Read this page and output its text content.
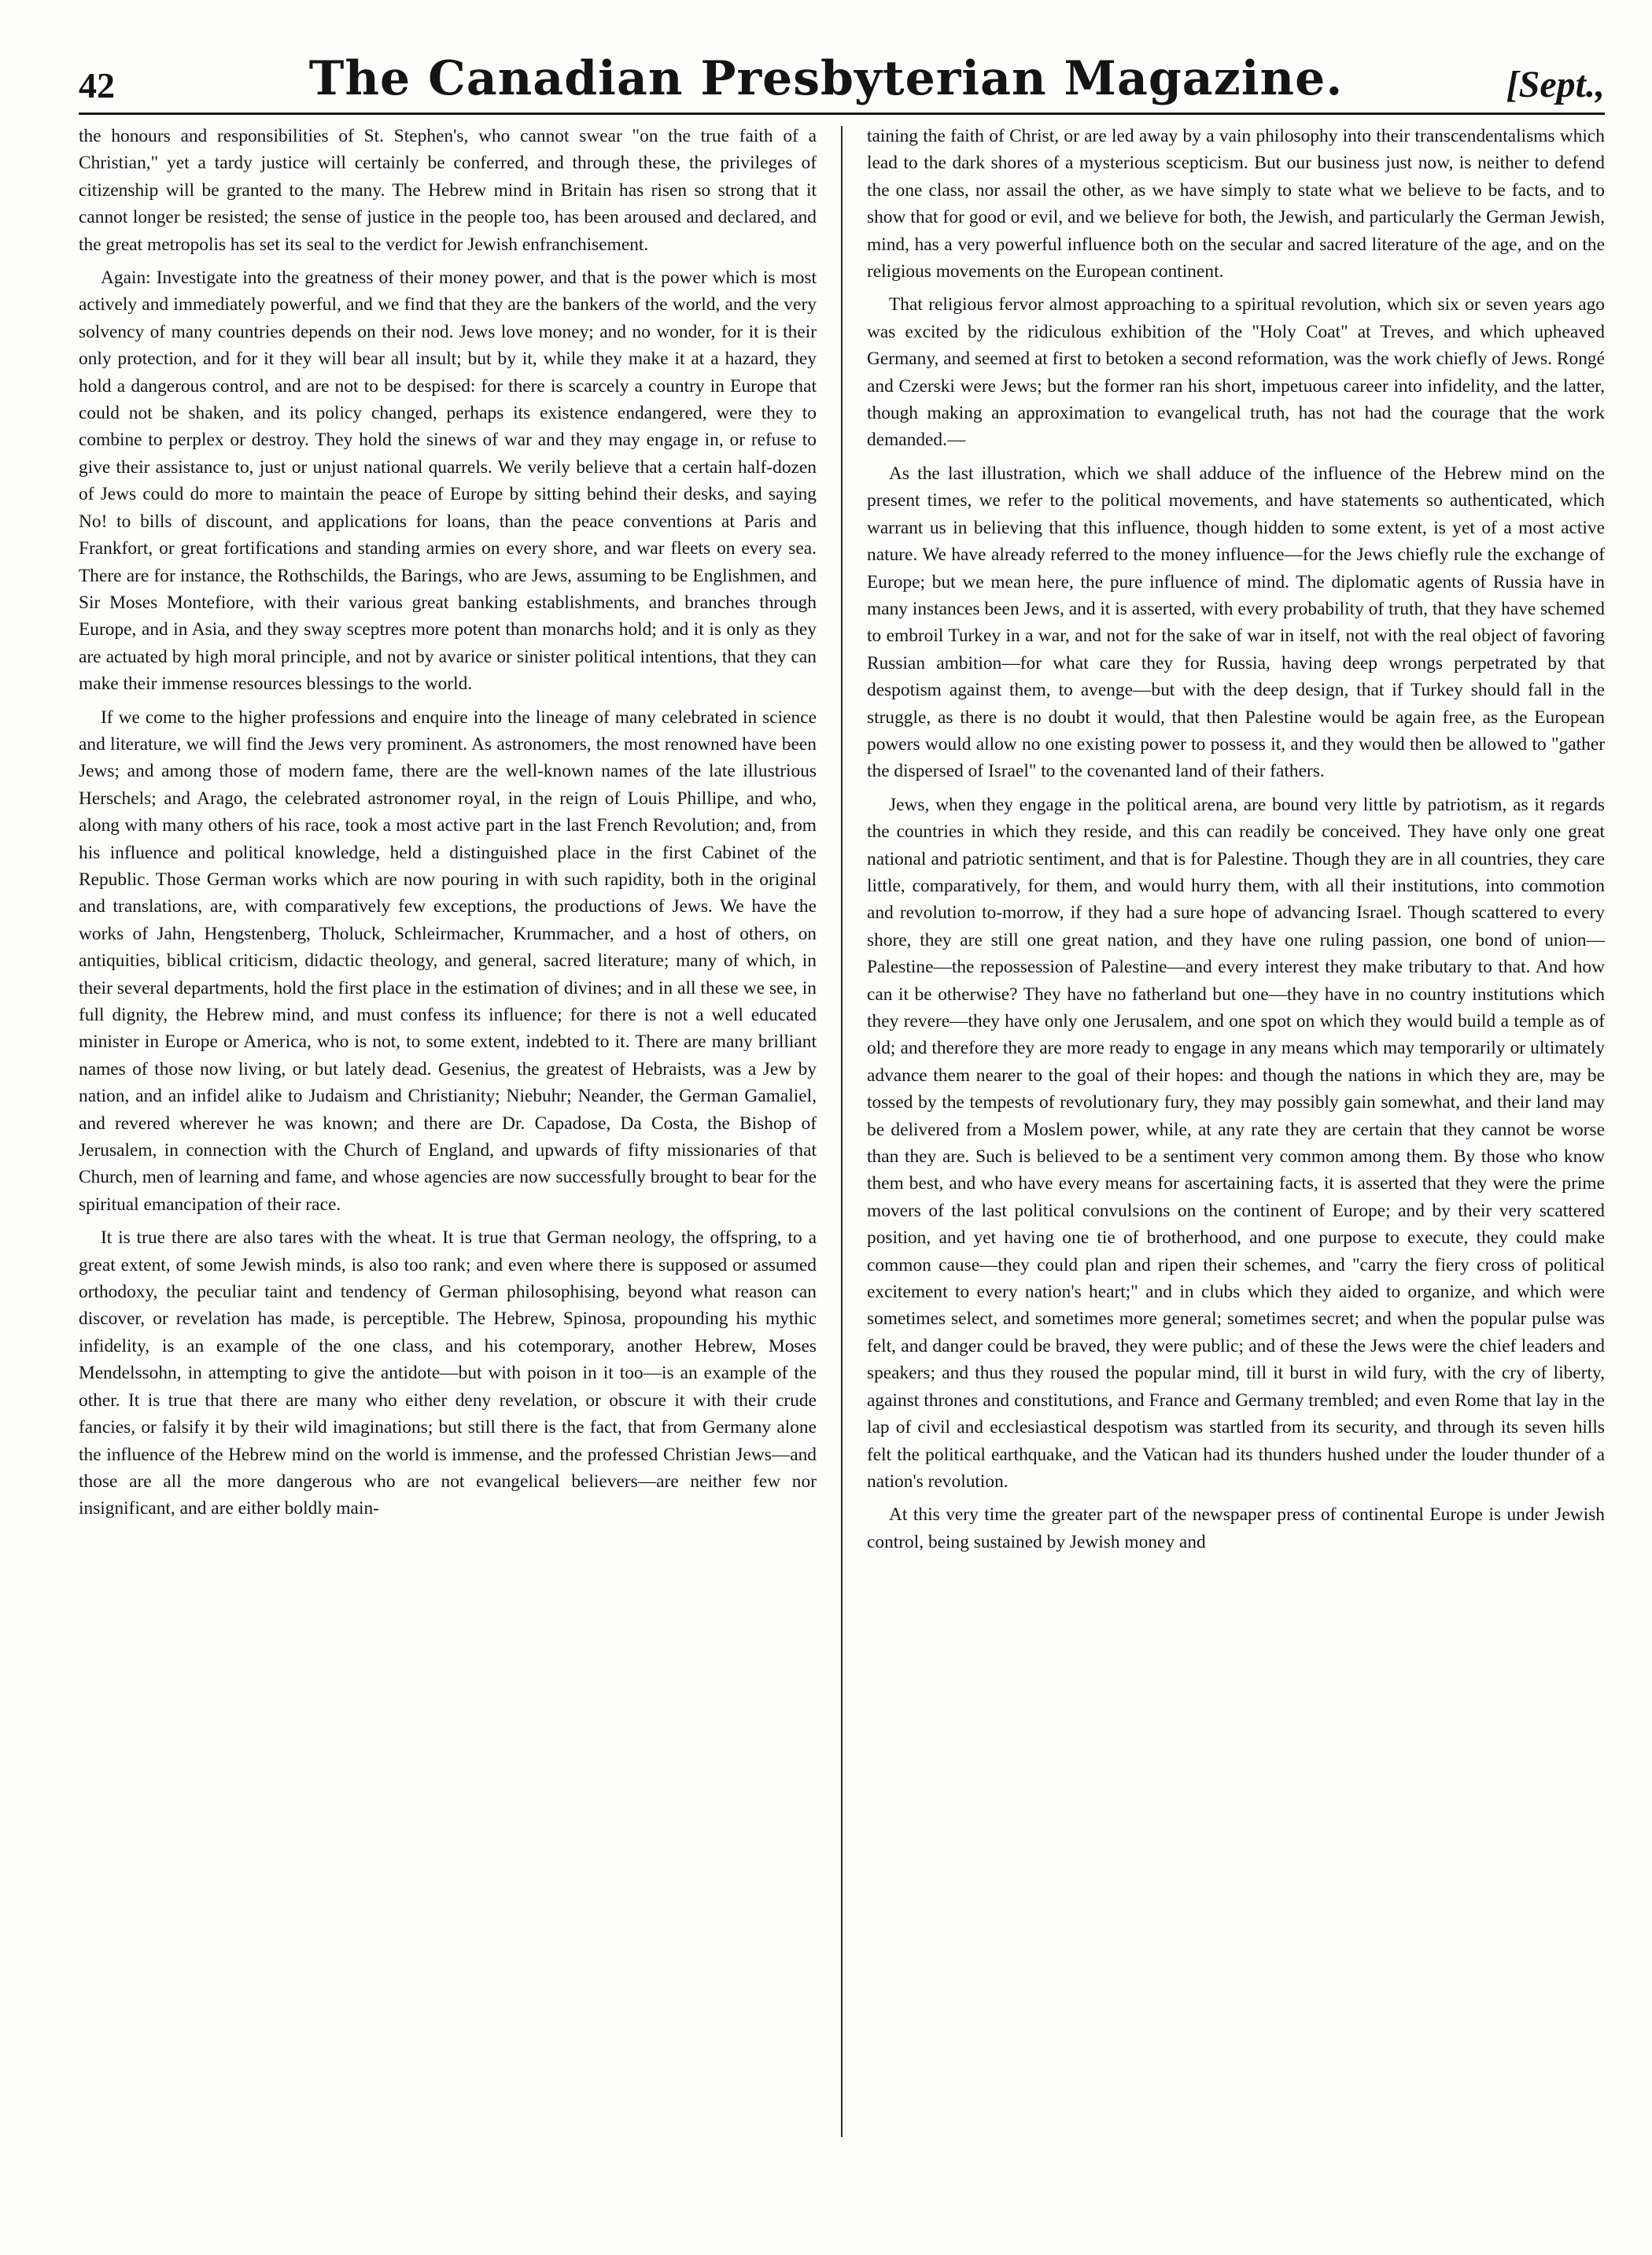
42	The Canadian Presbyterian Magazine.	[Sept.,

the honours and responsibilities of St. Stephen's, who cannot swear "on the true faith of a Christian," yet a tardy justice will certainly be conferred, and through these, the privileges of citizenship will be granted to the many. The Hebrew mind in Britain has risen so strong that it cannot longer be resisted; the sense of justice in the people too, has been aroused and declared, and the great metropolis has set its seal to the verdict for Jewish enfranchisement.

Again: Investigate into the greatness of their money power, and that is the power which is most actively and immediately powerful, and we find that they are the bankers of the world, and the very solvency of many countries depends on their nod. Jews love money; and no wonder, for it is their only protection, and for it they will bear all insult; but by it, while they make it at a hazard, they hold a dangerous control, and are not to be despised: for there is scarcely a country in Europe that could not be shaken, and its policy changed, perhaps its existence endangered, were they to combine to perplex or destroy. They hold the sinews of war and they may engage in, or refuse to give their assistance to, just or unjust national quarrels. We verily believe that a certain half-dozen of Jews could do more to maintain the peace of Europe by sitting behind their desks, and saying No! to bills of discount, and applications for loans, than the peace conventions at Paris and Frankfort, or great fortifications and standing armies on every shore, and war fleets on every sea. There are for instance, the Rothschilds, the Barings, who are Jews, assuming to be Englishmen, and Sir Moses Montefiore, with their various great banking establishments, and branches through Europe, and in Asia, and they sway sceptres more potent than monarchs hold; and it is only as they are actuated by high moral principle, and not by avarice or sinister political intentions, that they can make their immense resources blessings to the world.

If we come to the higher professions and enquire into the lineage of many celebrated in science and literature, we will find the Jews very prominent. As astronomers, the most renowned have been Jews; and among those of modern fame, there are the well-known names of the late illustrious Herschels; and Arago, the celebrated astronomer royal, in the reign of Louis Phillipe, and who, along with many others of his race, took a most active part in the last French Revolution; and, from his influence and political knowledge, held a distinguished place in the first Cabinet of the Republic. Those German works which are now pouring in with such rapidity, both in the original and translations, are, with comparatively few exceptions, the productions of Jews. We have the works of Jahn, Hengstenberg, Tholuck, Schleirmacher, Krummacher, and a host of others, on antiquities, biblical criticism, didactic theology, and general, sacred literature; many of which, in their several departments, hold the first place in the estimation of divines; and in all these we see, in full dignity, the Hebrew mind, and must confess its influence; for there is not a well educated minister in Europe or America, who is not, to some extent, indebted to it. There are many brilliant names of those now living, or but lately dead. Gesenius, the greatest of Hebraists, was a Jew by nation, and an infidel alike to Judaism and Christianity; Niebuhr; Neander, the German Gamaliel, and revered wherever he was known; and there are Dr. Capadose, Da Costa, the Bishop of Jerusalem, in connection with the Church of England, and upwards of fifty missionaries of that Church, men of learning and fame, and whose agencies are now successfully brought to bear for the spiritual emancipation of their race.

It is true there are also tares with the wheat. It is true that German neology, the offspring, to a great extent, of some Jewish minds, is also too rank; and even where there is supposed or assumed orthodoxy, the peculiar taint and tendency of German philosophising, beyond what reason can discover, or revelation has made, is perceptible. The Hebrew, Spinosa, propounding his mythic infidelity, is an example of the one class, and his cotemporary, another Hebrew, Moses Mendelssohn, in attempting to give the antidote—but with poison in it too—is an example of the other. It is true that there are many who either deny revelation, or obscure it with their crude fancies, or falsify it by their wild imaginations; but still there is the fact, that from Germany alone the influence of the Hebrew mind on the world is immense, and the professed Christian Jews—and those are all the more dangerous who are not evangelical believers—are neither few nor insignificant, and are either boldly main-

taining the faith of Christ, or are led away by a vain philosophy into their transcendentalisms which lead to the dark shores of a mysterious scepticism. But our business just now, is neither to defend the one class, nor assail the other, as we have simply to state what we believe to be facts, and to show that for good or evil, and we believe for both, the Jewish, and particularly the German Jewish, mind, has a very powerful influence both on the secular and sacred literature of the age, and on the religious movements on the European continent.

That religious fervor almost approaching to a spiritual revolution, which six or seven years ago was excited by the ridiculous exhibition of the "Holy Coat" at Treves, and which upheaved Germany, and seemed at first to betoken a second reformation, was the work chiefly of Jews. Rongé and Czerski were Jews; but the former ran his short, impetuous career into infidelity, and the latter, though making an approximation to evangelical truth, has not had the courage that the work demanded.—

As the last illustration, which we shall adduce of the influence of the Hebrew mind on the present times, we refer to the political movements, and have statements so authenticated, which warrant us in believing that this influence, though hidden to some extent, is yet of a most active nature. We have already referred to the money influence—for the Jews chiefly rule the exchange of Europe; but we mean here, the pure influence of mind. The diplomatic agents of Russia have in many instances been Jews, and it is asserted, with every probability of truth, that they have schemed to embroil Turkey in a war, and not for the sake of war in itself, not with the real object of favoring Russian ambition—for what care they for Russia, having deep wrongs perpetrated by that despotism against them, to avenge—but with the deep design, that if Turkey should fall in the struggle, as there is no doubt it would, that then Palestine would be again free, as the European powers would allow no one existing power to possess it, and they would then be allowed to "gather the dispersed of Israel" to the covenanted land of their fathers.

Jews, when they engage in the political arena, are bound very little by patriotism, as it regards the countries in which they reside, and this can readily be conceived. They have only one great national and patriotic sentiment, and that is for Palestine. Though they are in all countries, they care little, comparatively, for them, and would hurry them, with all their institutions, into commotion and revolution to-morrow, if they had a sure hope of advancing Israel. Though scattered to every shore, they are still one great nation, and they have one ruling passion, one bond of union—Palestine—the repossession of Palestine—and every interest they make tributary to that. And how can it be otherwise? They have no fatherland but one—they have in no country institutions which they revere—they have only one Jerusalem, and one spot on which they would build a temple as of old; and therefore they are more ready to engage in any means which may temporarily or ultimately advance them nearer to the goal of their hopes: and though the nations in which they are, may be tossed by the tempests of revolutionary fury, they may possibly gain somewhat, and their land may be delivered from a Moslem power, while, at any rate they are certain that they cannot be worse than they are. Such is believed to be a sentiment very common among them. By those who know them best, and who have every means for ascertaining facts, it is asserted that they were the prime movers of the last political convulsions on the continent of Europe; and by their very scattered position, and yet having one tie of brotherhood, and one purpose to execute, they could make common cause—they could plan and ripen their schemes, and "carry the fiery cross of political excitement to every nation's heart;" and in clubs which they aided to organize, and which were sometimes select, and sometimes more general; sometimes secret; and when the popular pulse was felt, and danger could be braved, they were public; and of these the Jews were the chief leaders and speakers; and thus they roused the popular mind, till it burst in wild fury, with the cry of liberty, against thrones and constitutions, and France and Germany trembled; and even Rome that lay in the lap of civil and ecclesiastical despotism was startled from its security, and through its seven hills felt the political earthquake, and the Vatican had its thunders hushed under the louder thunder of a nation's revolution.

At this very time the greater part of the newspaper press of continental Europe is under Jewish control, being sustained by Jewish money and
